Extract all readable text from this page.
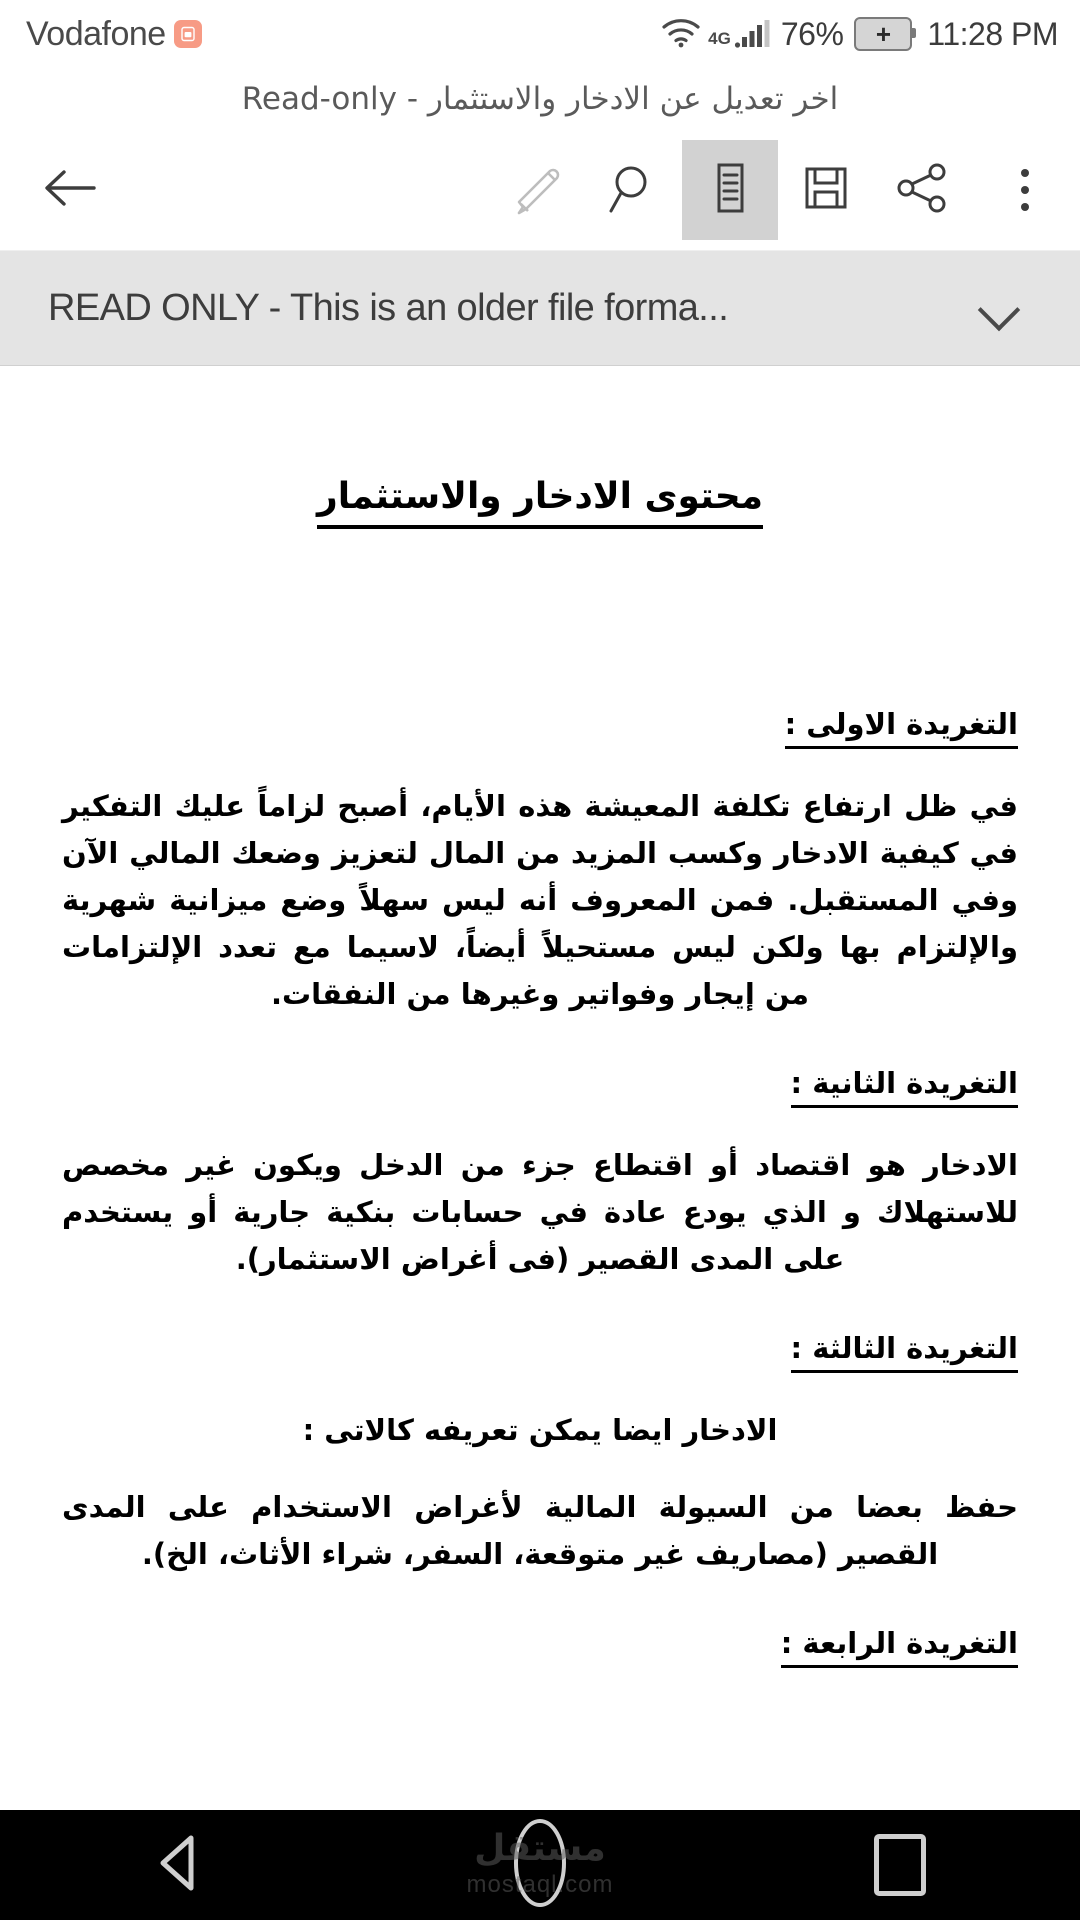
Vodafone	4G 76% + 11:28 PM
اخر تعديل عن الادخار والاستثمار - Read-only
READ ONLY - This is an older file forma...
محتوى الادخار والاستثمار
التغريدة الاولى :

في ظل ارتفاع تكلفة المعيشة هذه الأيام، أصبح لزاماً عليك التفكير في كيفية الادخار وكسب المزيد من المال لتعزيز وضعك المالي الآن وفي المستقبل. فمن المعروف أنه ليس سهلاً وضع ميزانية شهرية والإلتزام بها ولكن ليس مستحيلاً أيضاً، لاسيما مع تعدد الإلتزامات من إيجار وفواتير وغيرها من النفقات.

التغريدة الثانية :

الادخار هو اقتصاد أو اقتطاع جزء من الدخل ويكون غير مخصص للاستهلاك و الذي يودع عادة في حسابات بنكية جارية أو يستخدم على المدى القصير (فى أغراض الاستثمار).

التغريدة الثالثة :

الادخار ايضا يمكن تعريفه كالاتى :

حفظ بعضا من السيولة المالية لأغراض الاستخدام على المدى القصير (مصاريف غير متوقعة، السفر، شراء الأثاث، الخ).

التغريدة الرابعة :
مستقل
mostaql.com
